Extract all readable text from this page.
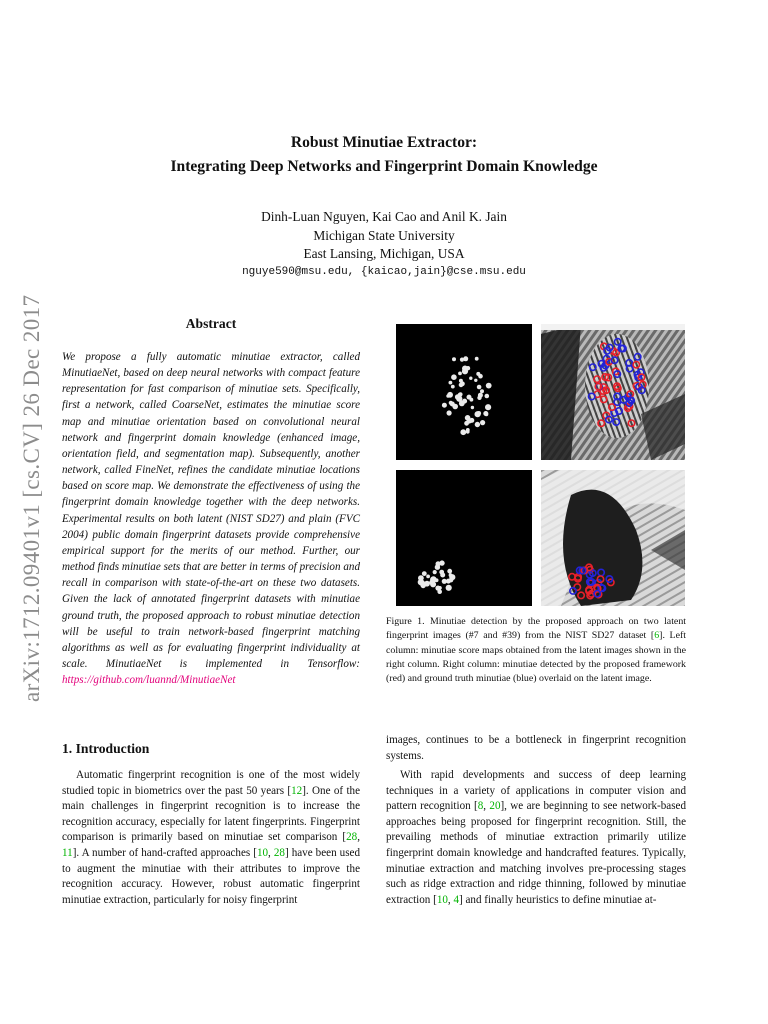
arXiv:1712.09401v1 [cs.CV] 26 Dec 2017
Robust Minutiae Extractor:
Integrating Deep Networks and Fingerprint Domain Knowledge
Dinh-Luan Nguyen, Kai Cao and Anil K. Jain
Michigan State University
East Lansing, Michigan, USA
nguye590@msu.edu, {kaicao,jain}@cse.msu.edu
Abstract
We propose a fully automatic minutiae extractor, called MinutiaeNet, based on deep neural networks with compact feature representation for fast comparison of minutiae sets. Specifically, first a network, called CoarseNet, estimates the minutiae score map and minutiae orientation based on convolutional neural network and fingerprint domain knowledge (enhanced image, orientation field, and segmentation map). Subsequently, another network, called FineNet, refines the candidate minutiae locations based on score map. We demonstrate the effectiveness of using the fingerprint domain knowledge together with the deep networks. Experimental results on both latent (NIST SD27) and plain (FVC 2004) public domain fingerprint datasets provide comprehensive empirical support for the merits of our method. Further, our method finds minutiae sets that are better in terms of precision and recall in comparison with state-of-the-art on these two datasets. Given the lack of annotated fingerprint datasets with minutiae ground truth, the proposed approach to robust minutiae detection will be useful to train network-based fingerprint matching algorithms as well as for evaluating fingerprint individuality at scale. MinutiaeNet is implemented in Tensorflow: https://github.com/luannd/MinutiaeNet
Figure 1. Minutiae detection by the proposed approach on two latent fingerprint images (#7 and #39) from the NIST SD27 dataset [6]. Left column: minutiae score maps obtained from the latent images shown in the right column. Right column: minutiae detected by the proposed framework (red) and ground truth minutiae (blue) overlaid on the latent image.
1. Introduction
Automatic fingerprint recognition is one of the most widely studied topic in biometrics over the past 50 years [12]. One of the main challenges in fingerprint recognition is to increase the recognition accuracy, especially for latent fingerprints. Fingerprint comparison is primarily based on minutiae set comparison [28, 11]. A number of hand-crafted approaches [10, 28] have been used to augment the minutiae with their attributes to improve the recognition accuracy. However, robust automatic fingerprint minutiae extraction, particularly for noisy fingerprint
images, continues to be a bottleneck in fingerprint recognition systems.
With rapid developments and success of deep learning techniques in a variety of applications in computer vision and pattern recognition [8, 20], we are beginning to see network-based approaches being proposed for fingerprint recognition. Still, the prevailing methods of minutiae extraction primarily utilize fingerprint domain knowledge and handcrafted features. Typically, minutiae extraction and matching involves pre-processing stages such as ridge extraction and ridge thinning, followed by minutiae extraction [10, 4] and finally heuristics to define minutiae at-
